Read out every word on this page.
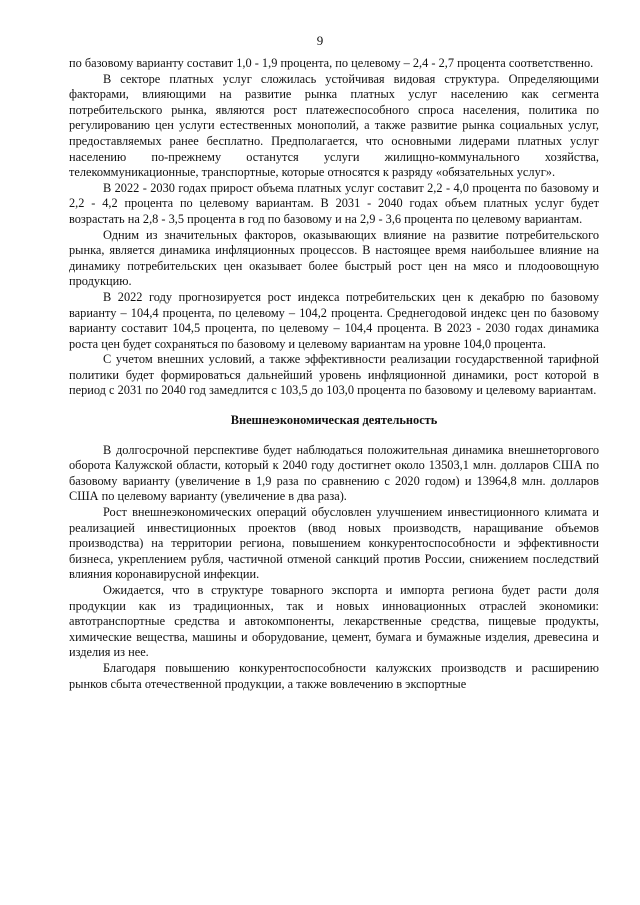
9

по базовому варианту составит 1,0 - 1,9 процента, по целевому – 2,4 - 2,7 процента соответственно.

В секторе платных услуг сложилась устойчивая видовая структура. Определяющими факторами, влияющими на развитие рынка платных услуг населению как сегмента потребительского рынка, являются рост платежеспособного спроса населения, политика по регулированию цен услуги естественных монополий, а также развитие рынка социальных услуг, предоставляемых ранее бесплатно. Предполагается, что основными лидерами платных услуг населению по-прежнему останутся услуги жилищно-коммунального хозяйства, телекоммуникационные, транспортные, которые относятся к разряду «обязательных услуг».

В 2022 - 2030 годах прирост объема платных услуг составит 2,2 - 4,0 процента по базовому и 2,2 - 4,2 процента по целевому вариантам. В 2031 - 2040 годах объем платных услуг будет возрастать на 2,8 - 3,5 процента в год по базовому и на 2,9 - 3,6 процента по целевому вариантам.

Одним из значительных факторов, оказывающих влияние на развитие потребительского рынка, является динамика инфляционных процессов. В настоящее время наибольшее влияние на динамику потребительских цен оказывает более быстрый рост цен на мясо и плодоовощную продукцию.

В 2022 году прогнозируется рост индекса потребительских цен к декабрю по базовому варианту – 104,4 процента, по целевому – 104,2 процента. Среднегодовой индекс цен по базовому варианту составит 104,5 процента, по целевому – 104,4 процента. В 2023 - 2030 годах динамика роста цен будет сохраняться по базовому и целевому вариантам на уровне 104,0 процента.

С учетом внешних условий, а также эффективности реализации государственной тарифной политики будет формироваться дальнейший уровень инфляционной динамики, рост которой в период с 2031 по 2040 год замедлится с 103,5 до 103,0 процента по базовому и целевому вариантам.

Внешнеэкономическая деятельность

В долгосрочной перспективе будет наблюдаться положительная динамика внешнеторгового оборота Калужской области, который к 2040 году достигнет около 13503,1 млн. долларов США по базовому варианту (увеличение в 1,9 раза по сравнению с 2020 годом) и 13964,8 млн. долларов США по целевому варианту (увеличение в два раза).

Рост внешнеэкономических операций обусловлен улучшением инвестиционного климата и реализацией инвестиционных проектов (ввод новых производств, наращивание объемов производства) на территории региона, повышением конкурентоспособности и эффективности бизнеса, укреплением рубля, частичной отменой санкций против России, снижением последствий влияния коронавирусной инфекции.

Ожидается, что в структуре товарного экспорта и импорта региона будет расти доля продукции как из традиционных, так и новых инновационных отраслей экономики: автотранспортные средства и автокомпоненты, лекарственные средства, пищевые продукты, химические вещества, машины и оборудование, цемент, бумага и бумажные изделия, древесина и изделия из нее.

Благодаря повышению конкурентоспособности калужских производств и расширению рынков сбыта отечественной продукции, а также вовлечению в экспортные
